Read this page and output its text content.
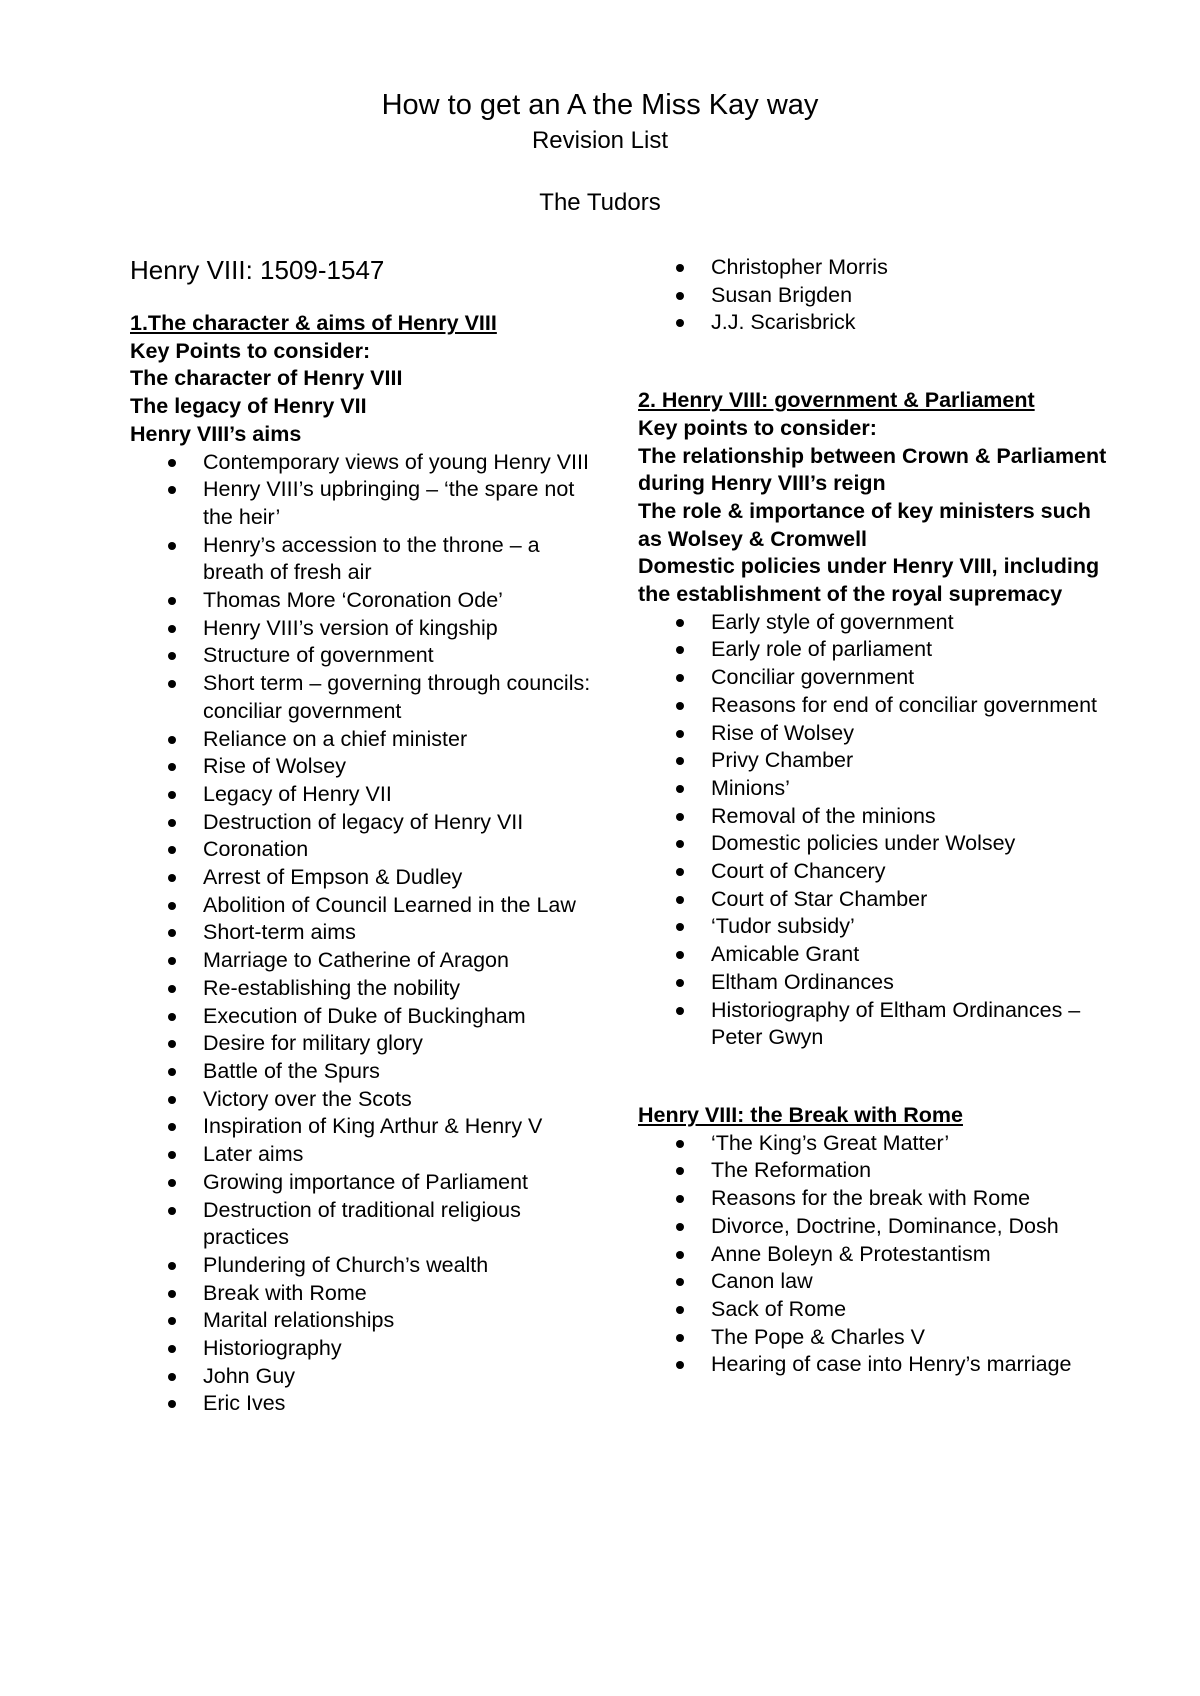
How to get an A the Miss Kay way
Revision List
The Tudors
Henry VIII: 1509-1547
1.The character & aims of Henry VIII
Key Points to consider:
The character of Henry VIII
The legacy of Henry VII
Henry VIII’s aims
Contemporary views of young Henry VIII
Henry VIII’s upbringing – ‘the spare not the heir’
Henry’s accession to the throne – a breath of fresh air
Thomas More ‘Coronation Ode’
Henry VIII’s version of kingship
Structure of government
Short term – governing through councils: conciliar government
Reliance on a chief minister
Rise of Wolsey
Legacy of Henry VII
Destruction of legacy of Henry VII
Coronation
Arrest of Empson & Dudley
Abolition of Council Learned in the Law
Short-term aims
Marriage to Catherine of Aragon
Re-establishing the nobility
Execution of Duke of Buckingham
Desire for military glory
Battle of the Spurs
Victory over the Scots
Inspiration of King Arthur & Henry V
Later aims
Growing importance of Parliament
Destruction of traditional religious practices
Plundering of Church’s wealth
Break with Rome
Marital relationships
Historiography
John Guy
Eric Ives
Christopher Morris
Susan Brigden
J.J. Scarisbrick
2. Henry VIII: government & Parliament
Key points to consider:
The relationship between Crown & Parliament during Henry VIII’s reign
The role & importance of key ministers such as Wolsey & Cromwell
Domestic policies under Henry VIII, including the establishment of the royal supremacy
Early style of government
Early role of parliament
Conciliar government
Reasons for end of conciliar government
Rise of Wolsey
Privy Chamber
Minions’
Removal of the minions
Domestic policies under Wolsey
Court of Chancery
Court of Star Chamber
‘Tudor subsidy’
Amicable Grant
Eltham Ordinances
Historiography of Eltham Ordinances – Peter Gwyn
Henry VIII: the Break with Rome
‘The King’s Great Matter’
The Reformation
Reasons for the break with Rome
Divorce, Doctrine, Dominance, Dosh
Anne Boleyn & Protestantism
Canon law
Sack of Rome
The Pope & Charles V
Hearing of case into Henry’s marriage
